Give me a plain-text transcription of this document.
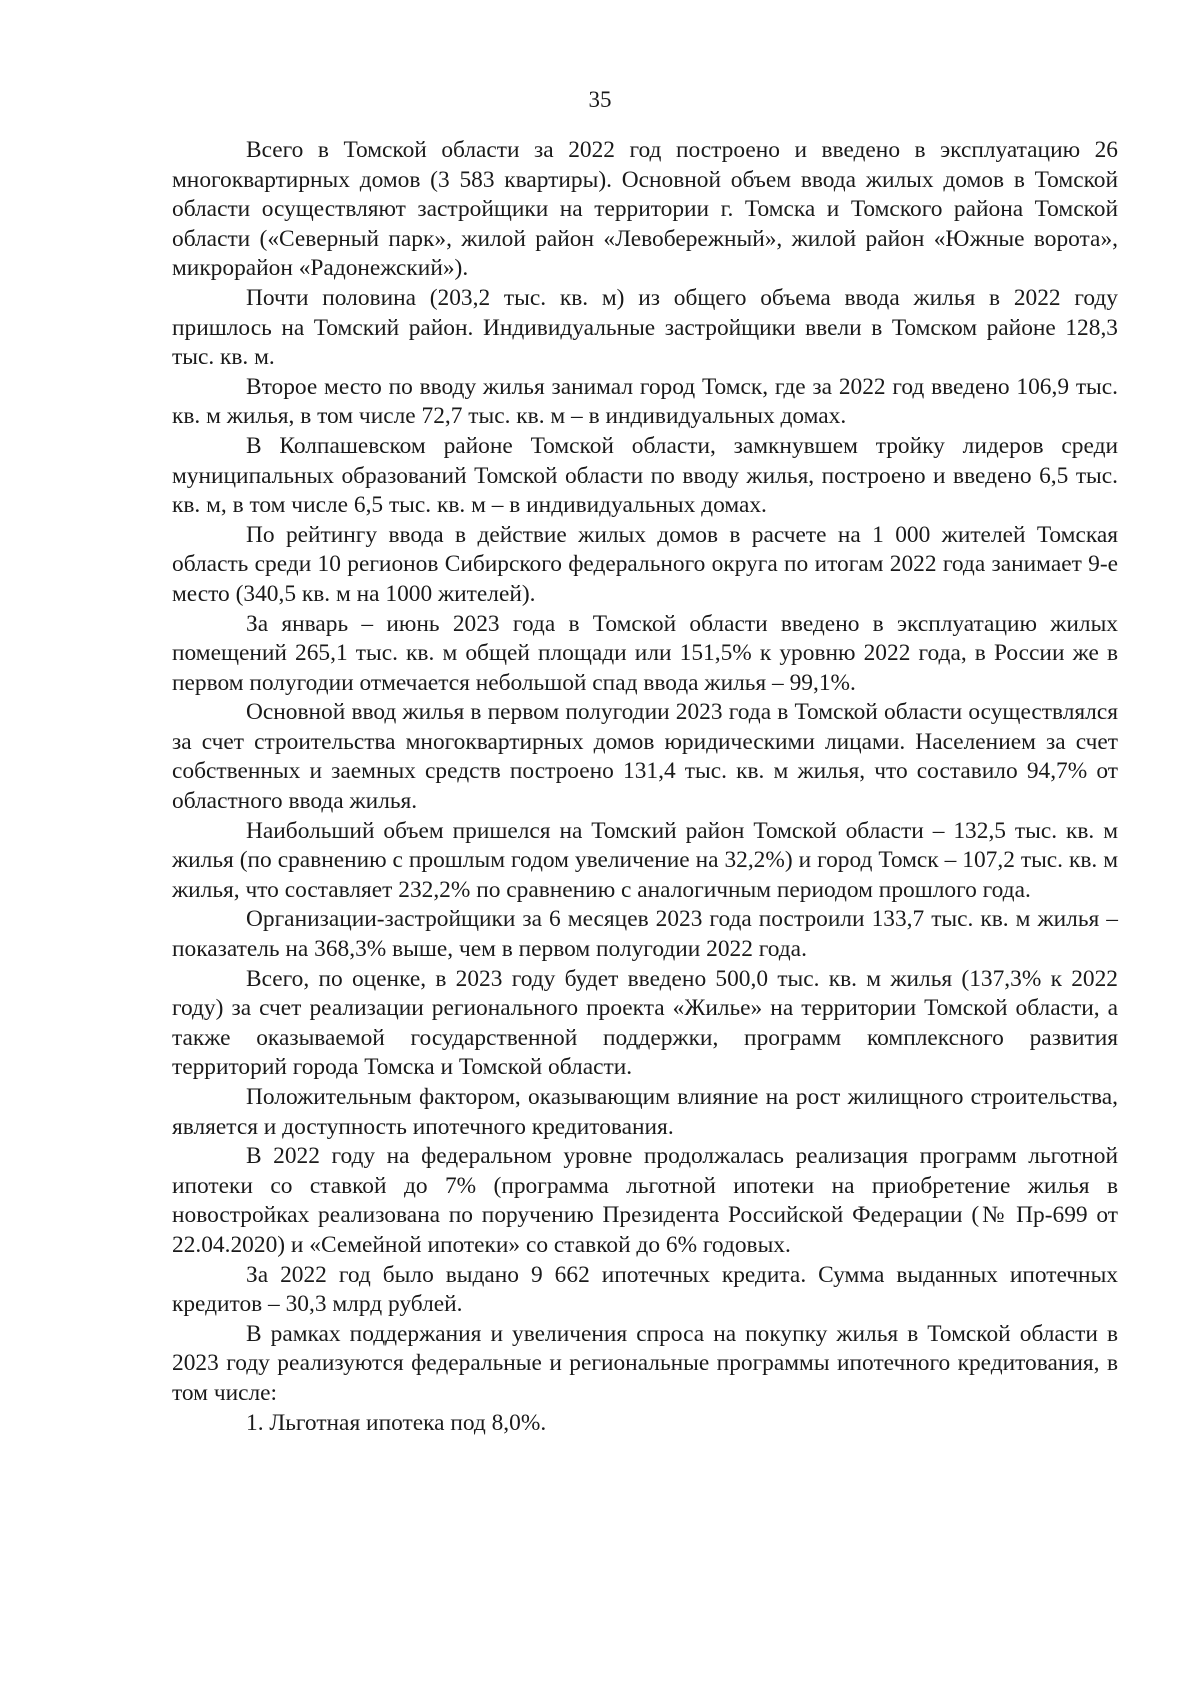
35

Всего в Томской области за 2022 год построено и введено в эксплуатацию 26 многоквартирных домов (3 583 квартиры). Основной объем ввода жилых домов в Томской области осуществляют застройщики на территории г. Томска и Томского района Томской области («Северный парк», жилой район «Левобережный», жилой район «Южные ворота», микрорайон «Радонежский»).

Почти половина (203,2 тыс. кв. м) из общего объема ввода жилья в 2022 году пришлось на Томский район. Индивидуальные застройщики ввели в Томском районе 128,3 тыс. кв. м.

Второе место по вводу жилья занимал город Томск, где за 2022 год введено 106,9 тыс. кв. м жилья, в том числе 72,7 тыс. кв. м – в индивидуальных домах.

В Колпашевском районе Томской области, замкнувшем тройку лидеров среди муниципальных образований Томской области по вводу жилья, построено и введено 6,5 тыс. кв. м, в том числе 6,5 тыс. кв. м – в индивидуальных домах.

По рейтингу ввода в действие жилых домов в расчете на 1 000 жителей Томская область среди 10 регионов Сибирского федерального округа по итогам 2022 года занимает 9-е место (340,5 кв. м на 1000 жителей).

За январь – июнь 2023 года в Томской области введено в эксплуатацию жилых помещений 265,1 тыс. кв. м общей площади или 151,5% к уровню 2022 года, в России же в первом полугодии отмечается небольшой спад ввода жилья – 99,1%.

Основной ввод жилья в первом полугодии 2023 года в Томской области осуществлялся за счет строительства многоквартирных домов юридическими лицами. Населением за счет собственных и заемных средств построено 131,4 тыс. кв. м жилья, что составило 94,7% от областного ввода жилья.

Наибольший объем пришелся на Томский район Томской области – 132,5 тыс. кв. м жилья (по сравнению с прошлым годом увеличение на 32,2%) и город Томск – 107,2 тыс. кв. м жилья, что составляет 232,2% по сравнению с аналогичным периодом прошлого года.

Организации-застройщики за 6 месяцев 2023 года построили 133,7 тыс. кв. м жилья – показатель на 368,3% выше, чем в первом полугодии 2022 года.

Всего, по оценке, в 2023 году будет введено 500,0 тыс. кв. м жилья (137,3% к 2022 году) за счет реализации регионального проекта «Жилье» на территории Томской области, а также оказываемой государственной поддержки, программ комплексного развития территорий города Томска и Томской области.

Положительным фактором, оказывающим влияние на рост жилищного строительства, является и доступность ипотечного кредитования.

В 2022 году на федеральном уровне продолжалась реализация программ льготной ипотеки со ставкой до 7% (программа льготной ипотеки на приобретение жилья в новостройках реализована по поручению Президента Российской Федерации (№ Пр-699 от 22.04.2020) и «Семейной ипотеки» со ставкой до 6% годовых.

За 2022 год было выдано 9 662 ипотечных кредита. Сумма выданных ипотечных кредитов – 30,3 млрд рублей.

В рамках поддержания и увеличения спроса на покупку жилья в Томской области в 2023 году реализуются федеральные и региональные программы ипотечного кредитования, в том числе:

1. Льготная ипотека под 8,0%.
